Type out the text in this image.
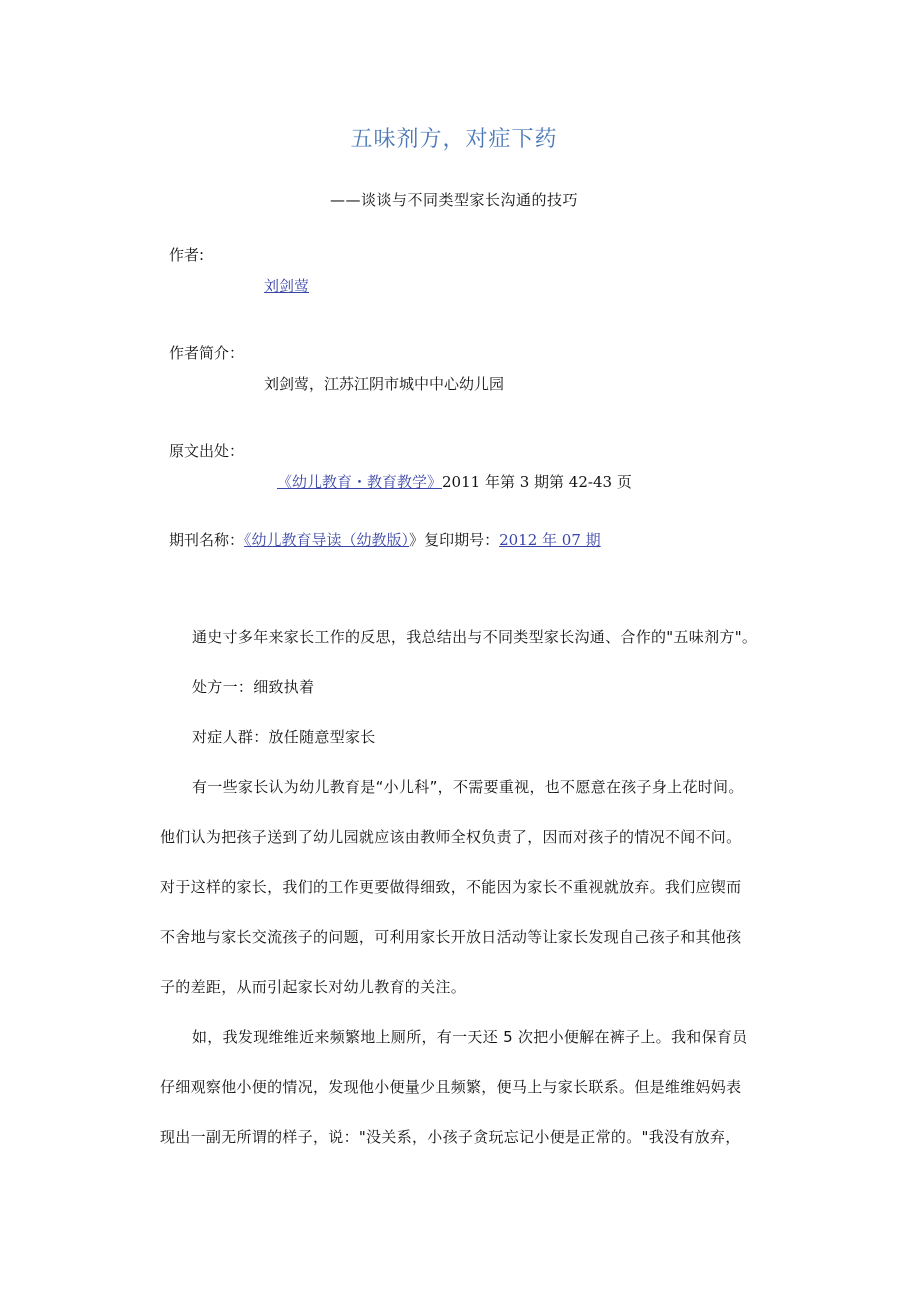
五味剂方，对症下药
——谈谈与不同类型家长沟通的技巧
作者:
刘剑莺
作者简介：
刘剑莺，江苏江阴市城中中心幼儿园
原文出处：
《幼儿教育・教育教学》2011 年第 3 期第 42-43 页
期刊名称：《幼儿教育导读（幼教版）》复印期号：2012 年 07 期
通史寸多年来家长工作的反思，我总结出与不同类型家长沟通、合作的"五味剂方"。
处方一：细致执着
对症人群：放任随意型家长
有一些家长认为幼儿教育是“小儿科”，不需要重视，也不愿意在孩子身上花时间。
他们认为把孩子送到了幼儿园就应该由教师全权负责了，因而对孩子的情况不闻不问。
对于这样的家长，我们的工作更要做得细致，不能因为家长不重视就放弃。我们应锲而
不舍地与家长交流孩子的问题，可利用家长开放日活动等让家长发现自己孩子和其他孩
子的差距，从而引起家长对幼儿教育的关注。
如，我发现维维近来频繁地上厕所，有一天还 5 次把小便解在裤子上。我和保育员
仔细观察他小便的情况，发现他小便量少且频繁，便马上与家长联系。但是维维妈妈表
现出一副无所谓的样子，说："没关系，小孩子贪玩忘记小便是正常的。"我没有放弃，
